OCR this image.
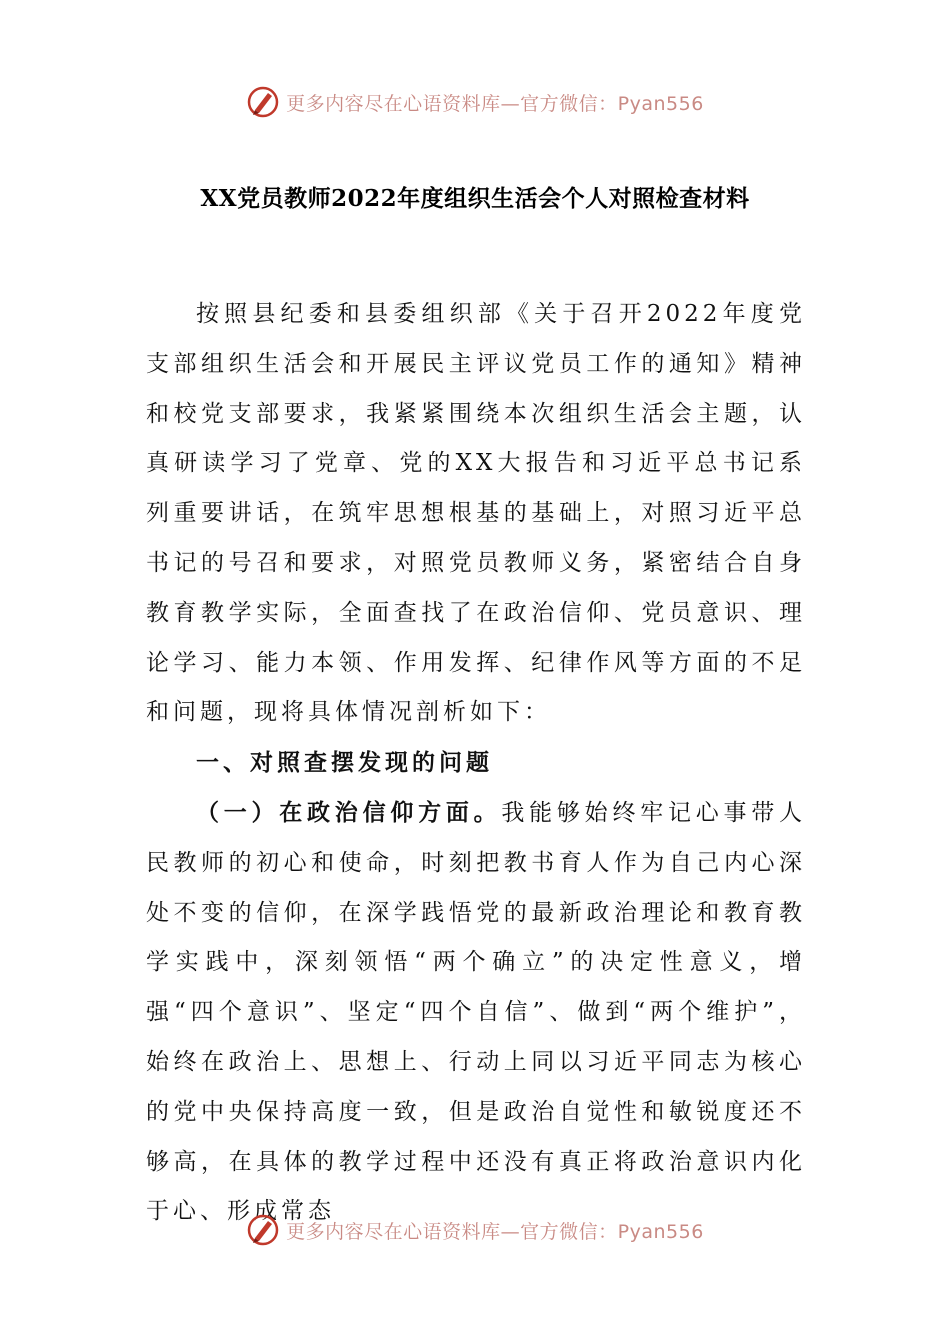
更多内容尽在心语资料库—官方微信：Pyan556
XX党员教师2022年度组织生活会个人对照检查材料

按照县纪委和县委组织部《关于召开2022年度党支部组织生活会和开展民主评议党员工作的通知》精神和校党支部要求，我紧紧围绕本次组织生活会主题，认真研读学习了党章、党的XX大报告和习近平总书记系列重要讲话，在筑牢思想根基的基础上，对照习近平总书记的号召和要求，对照党员教师义务，紧密结合自身教育教学实际，全面查找了在政治信仰、党员意识、理论学习、能力本领、作用发挥、纪律作风等方面的不足和问题，现将具体情况剖析如下：

一、对照查摆发现的问题

（一）在政治信仰方面。我能够始终牢记心事带人民教师的初心和使命，时刻把教书育人作为自己内心深处不变的信仰，在深学践悟党的最新政治理论和教育教学实践中，深刻领悟“两个确立”的决定性意义，增强“四个意识”、坚定“四个自信”、做到“两个维护”，始终在政治上、思想上、行动上同以习近平同志为核心的党中央保持高度一致，但是政治自觉性和敏锐度还不够高，在具体的教学过程中还没有真正将政治意识内化于心、形成常态

更多内容尽在心语资料库—官方微信：Pyan556
